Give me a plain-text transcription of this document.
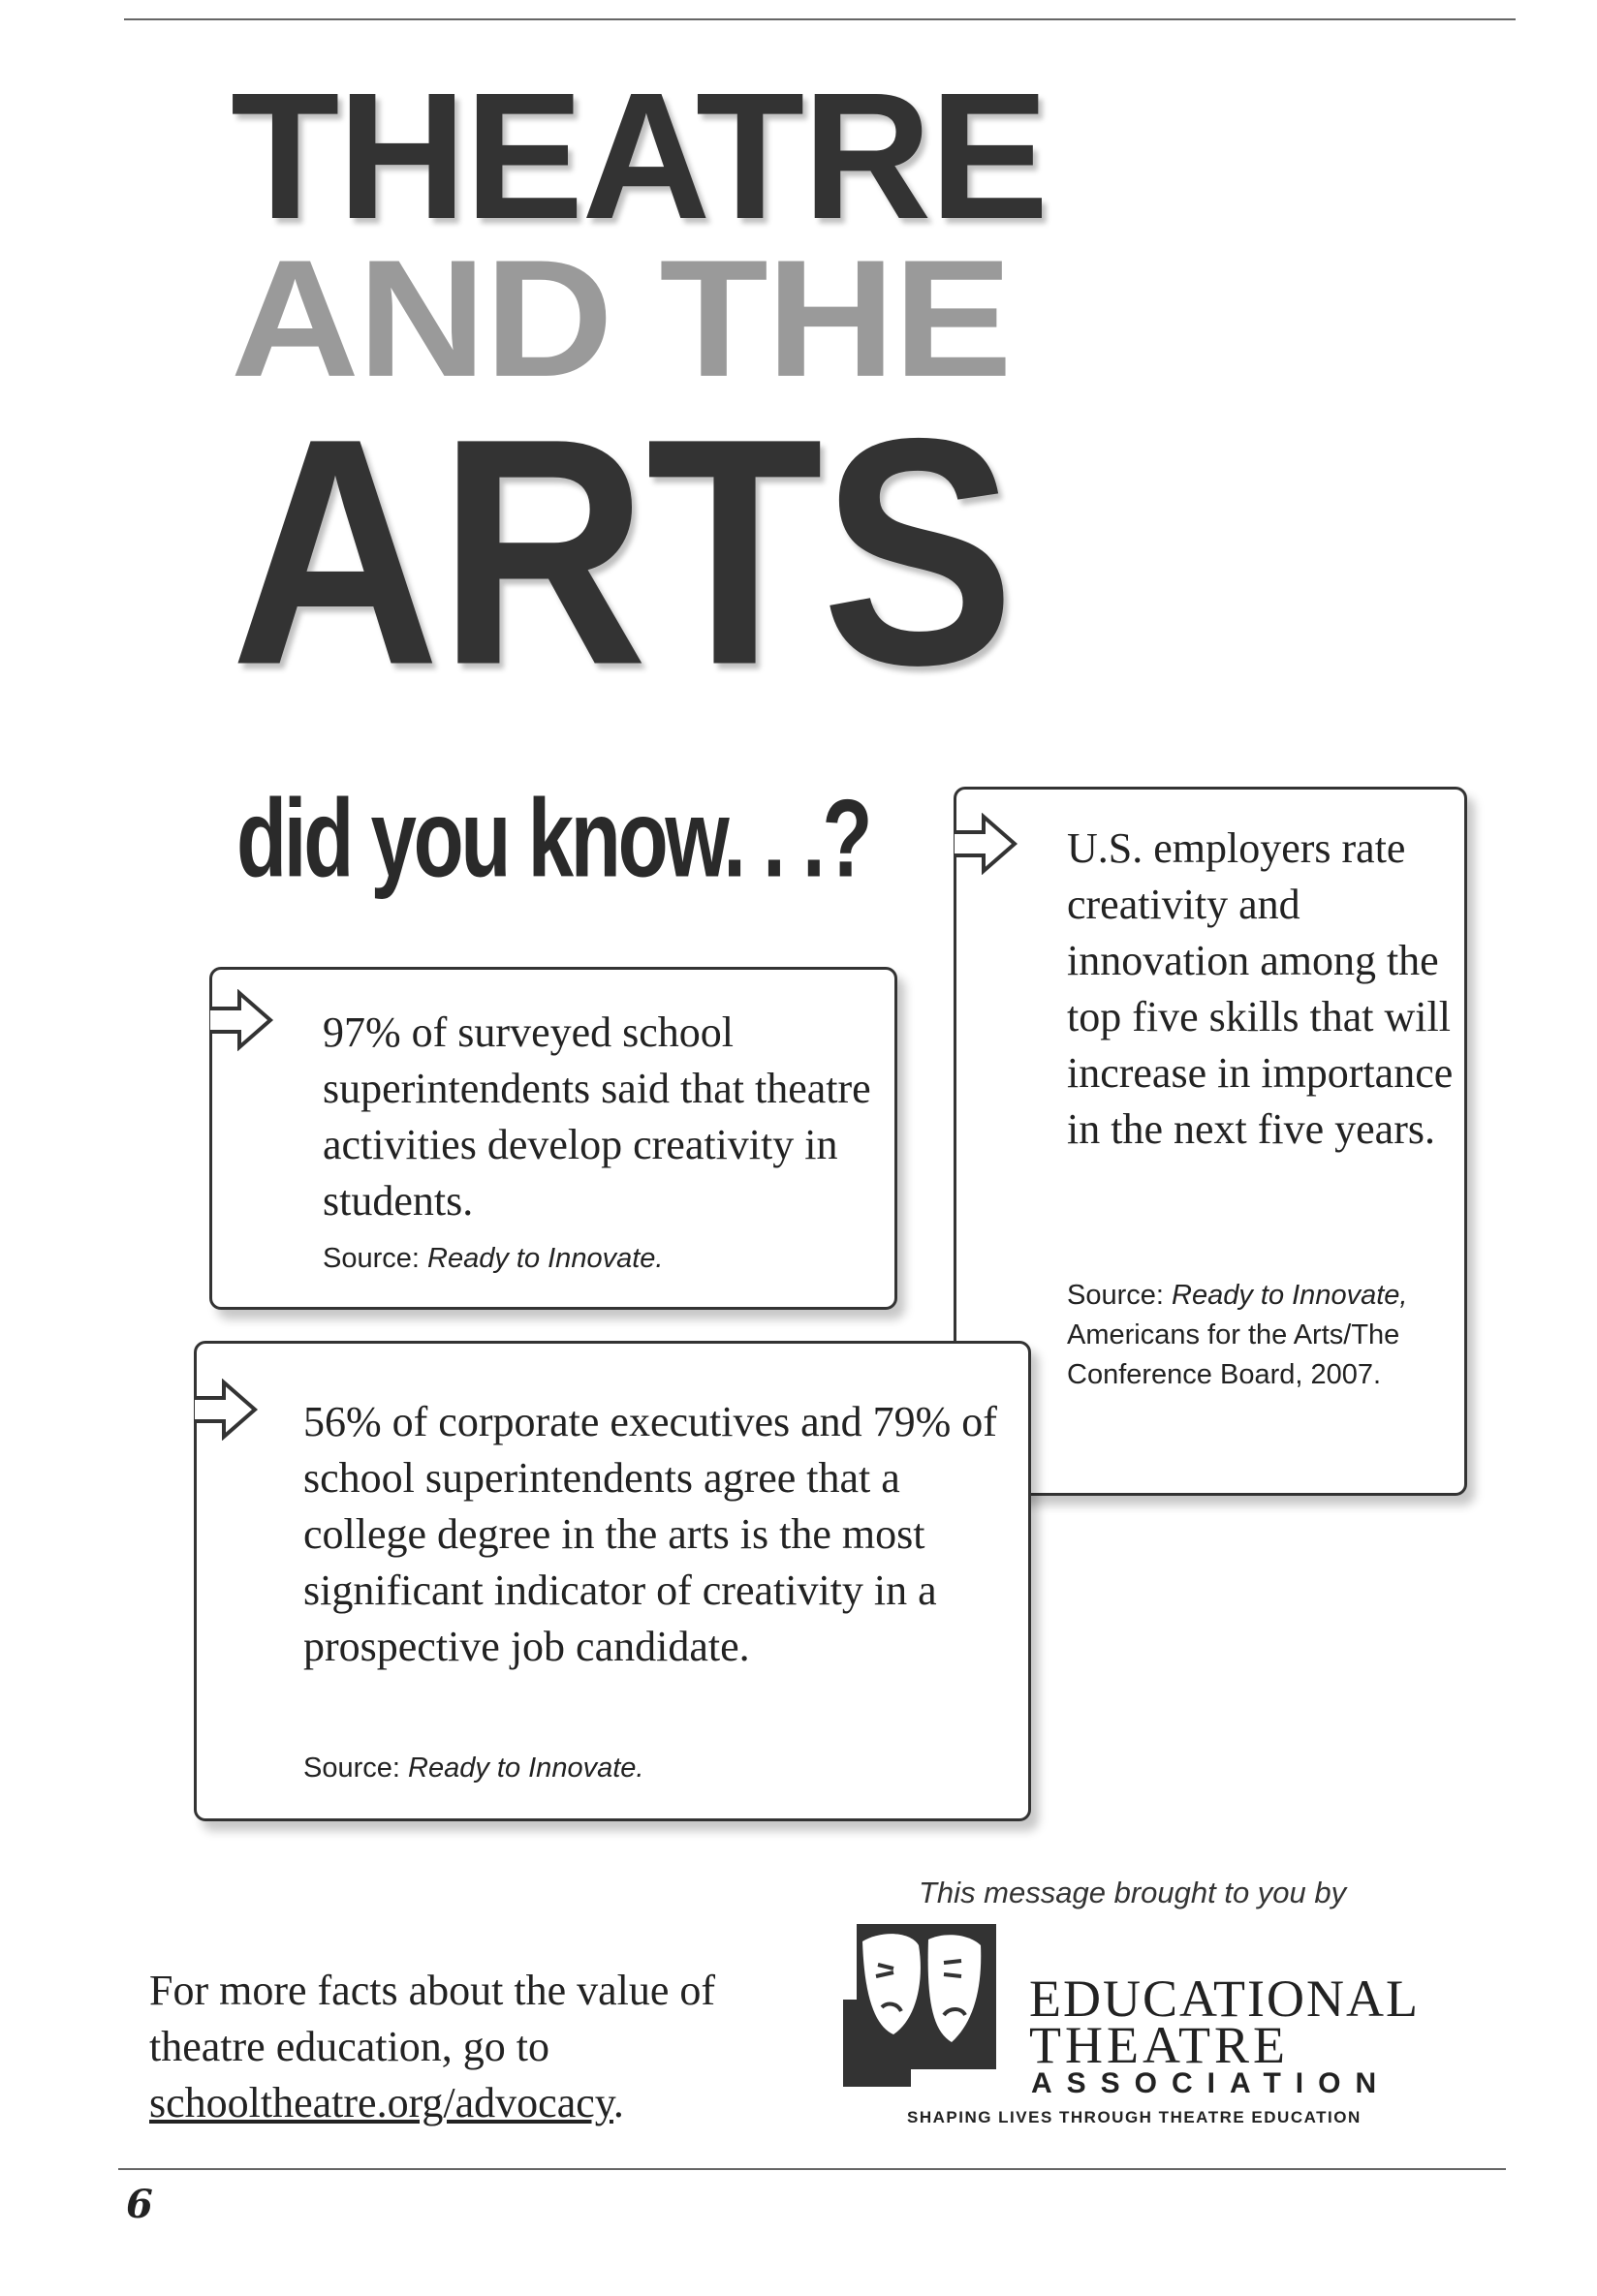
THEATRE
AND THE
ARTS
did you know. . .?	U.S. employers rate creativity and innovation among the top five skills that will increase in importance in the next five years.
Source: Ready to Innovate, Americans for the Arts/The Conference Board, 2007.
97% of surveyed school superintendents said that theatre activities develop creativity in students.
Source: Ready to Innovate.
56% of corporate executives and 79% of school superintendents agree that a college degree in the arts is the most significant indicator of creativity in a prospective job candidate.
Source: Ready to Innovate.
This message brought to you by
For more facts about the value of theatre education, go to schooltheatre.org/advocacy.
EDUCATIONAL
THEATRE
ASSOCIATION
SHAPING LIVES THROUGH THEATRE EDUCATION
6
